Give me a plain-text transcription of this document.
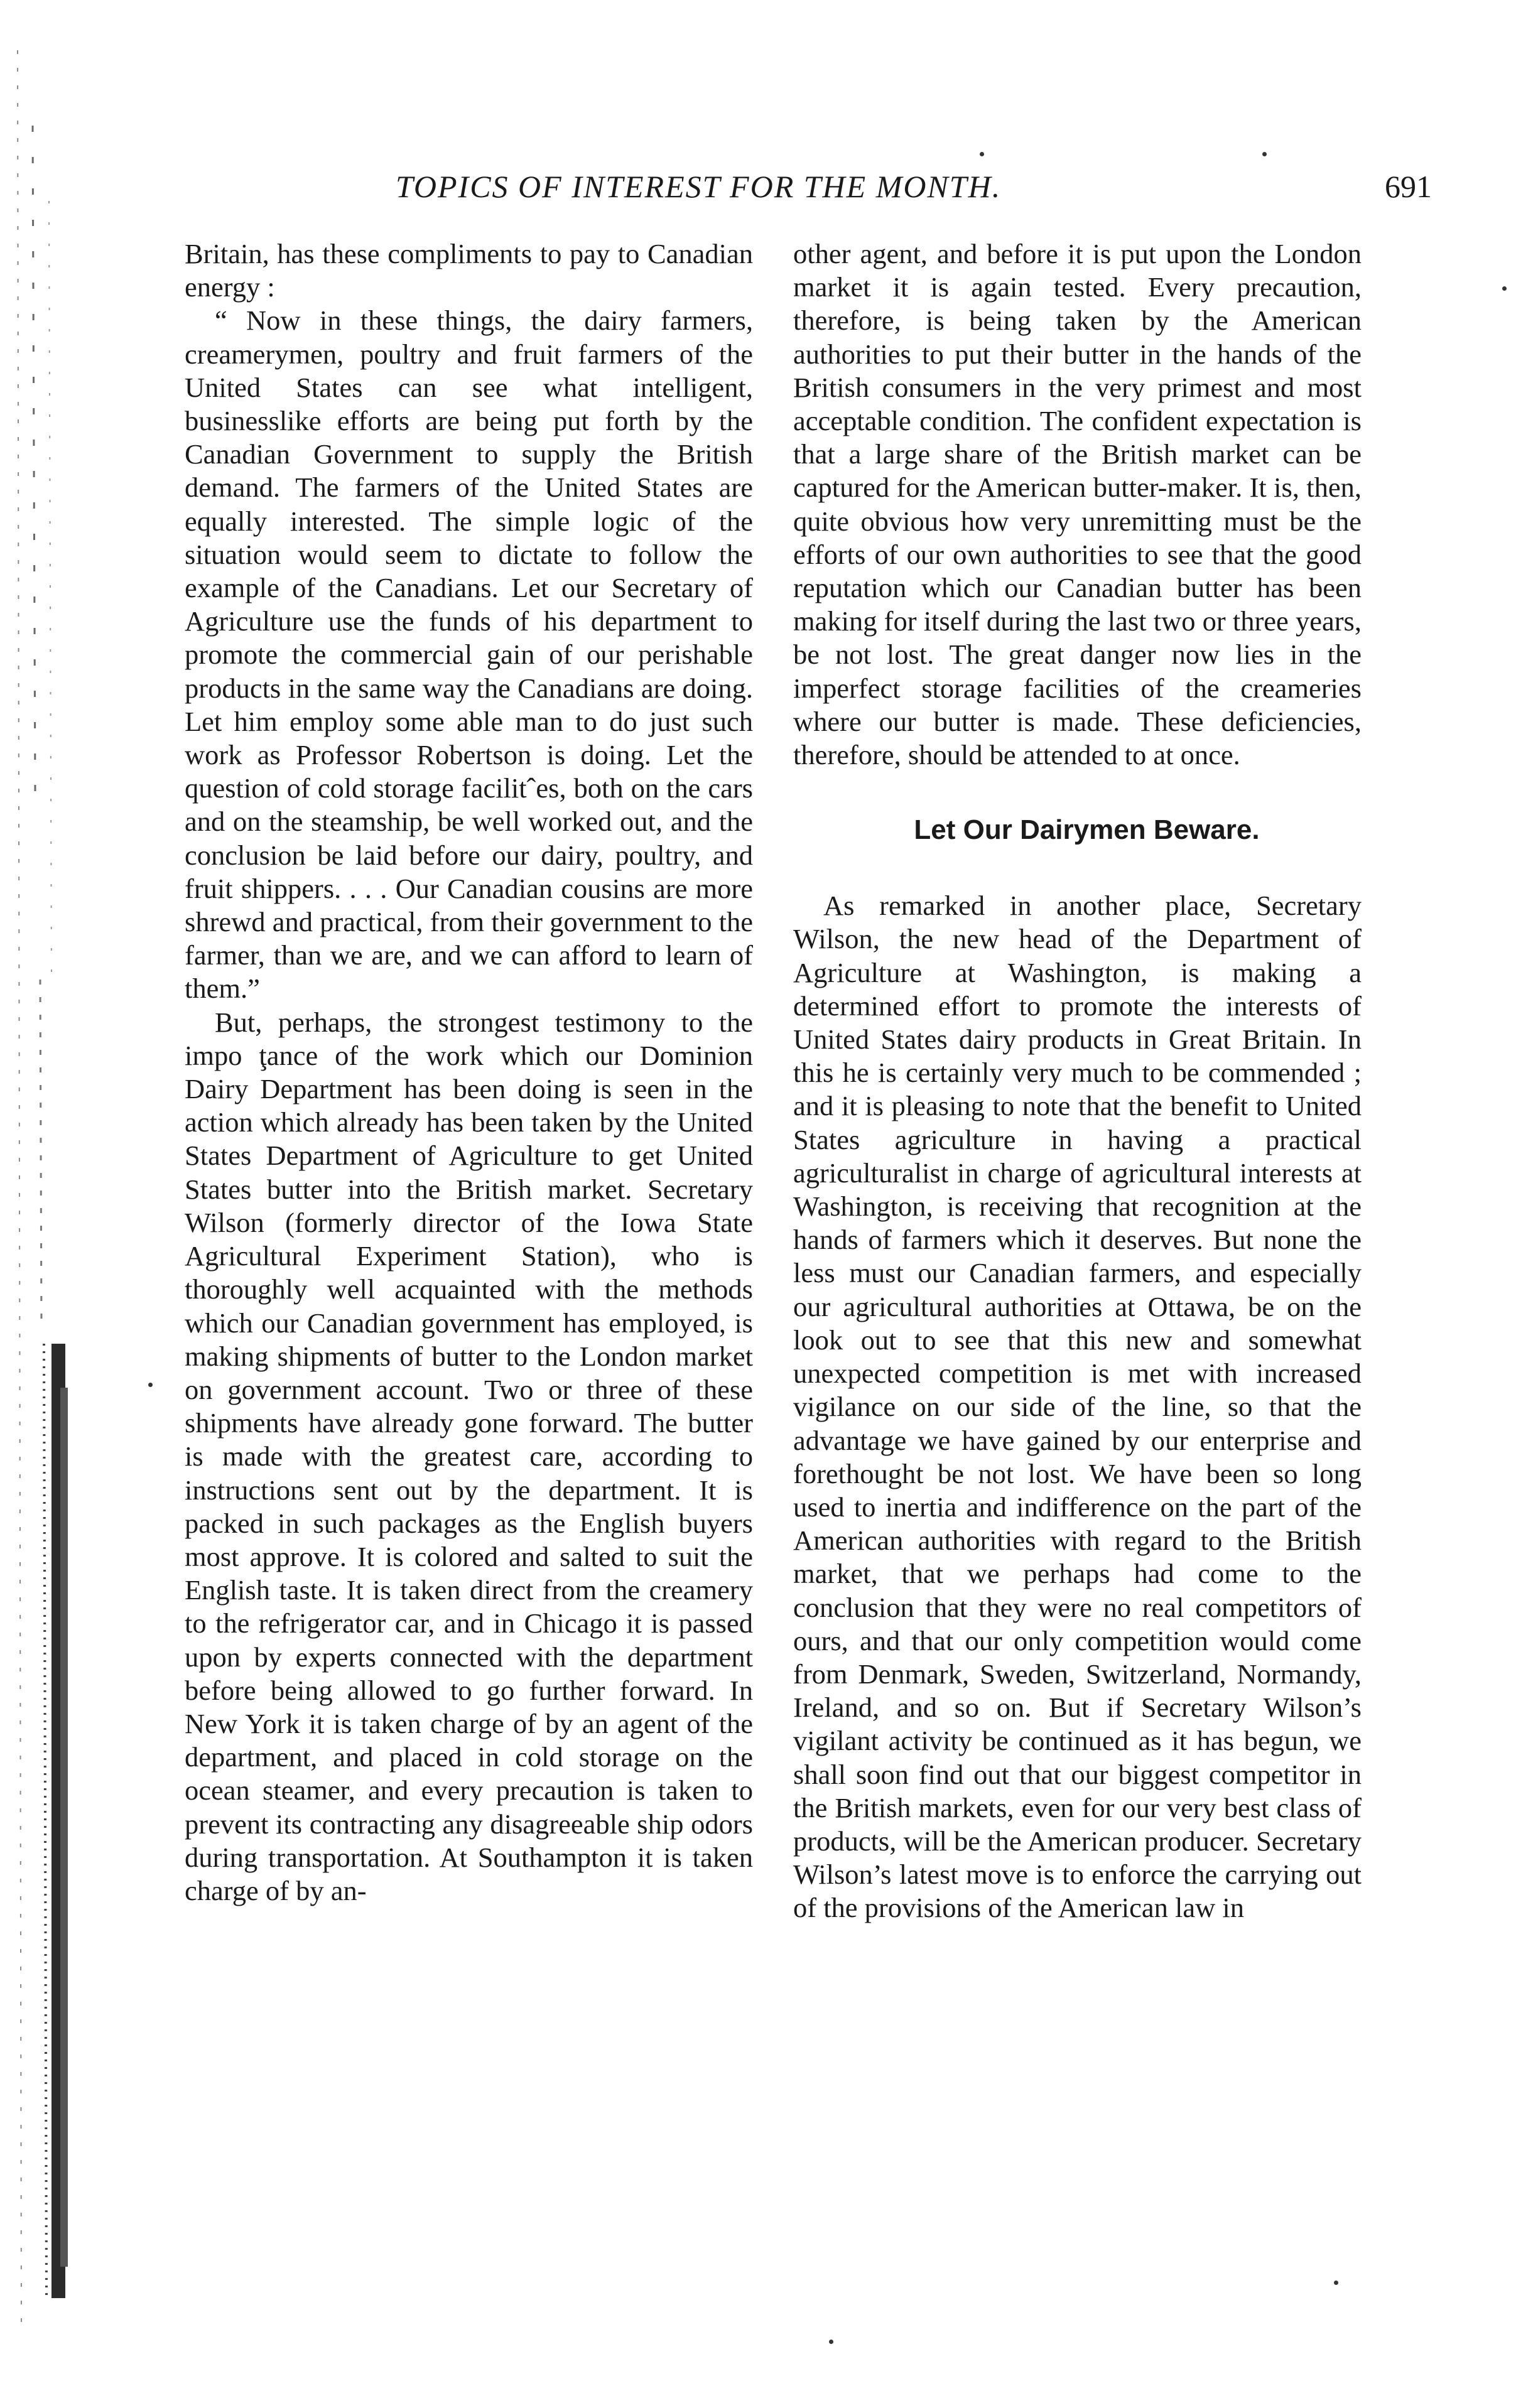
TOPICS OF INTEREST FOR THE MONTH.	691

Britain, has these compliments to pay to Canadian energy :

“ Now in these things, the dairy farmers, creamerymen, poultry and fruit farmers of the United States can see what intelligent, businesslike efforts are being put forth by the Canadian Government to supply the British demand. The farmers of the United States are equally interested. The simple logic of the situation would seem to dictate to follow the example of the Canadians. Let our Secretary of Agriculture use the funds of his department to promote the commercial gain of our perishable products in the same way the Canadians are doing. Let him employ some able man to do just such work as Professor Robertson is doing. Let the question of cold storage facilitˆes, both on the cars and on the steamship, be well worked out, and the conclusion be laid before our dairy, poultry, and fruit shippers. . . . Our Canadian cousins are more shrewd and practical, from their government to the farmer, than we are, and we can afford to learn of them.”

But, perhaps, the strongest testimony to the impo ţance of the work which our Dominion Dairy Department has been doing is seen in the action which already has been taken by the United States Department of Agriculture to get United States butter into the British market. Secretary Wilson (formerly director of the Iowa State Agricultural Experiment Station), who is thoroughly well acquainted with the methods which our Canadian government has employed, is making shipments of butter to the London market on government account. Two or three of these shipments have already gone forward. The butter is made with the greatest care, according to instructions sent out by the department. It is packed in such packages as the English buyers most approve. It is colored and salted to suit the English taste. It is taken direct from the creamery to the refrigerator car, and in Chicago it is passed upon by experts connected with the department before being allowed to go further forward. In New York it is taken charge of by an agent of the department, and placed in cold storage on the ocean steamer, and every precaution is taken to prevent its contracting any disagreeable ship odors during transportation. At Southampton it is taken charge of by an-

other agent, and before it is put upon the London market it is again tested. Every precaution, therefore, is being taken by the American authorities to put their butter in the hands of the British consumers in the very primest and most acceptable condition. The confident expectation is that a large share of the British market can be captured for the American butter-maker. It is, then, quite obvious how very unremitting must be the efforts of our own authorities to see that the good reputation which our Canadian butter has been making for itself during the last two or three years, be not lost. The great danger now lies in the imperfect storage facilities of the creameries where our butter is made. These deficiencies, therefore, should be attended to at once.

Let Our Dairymen Beware.

As remarked in another place, Secretary Wilson, the new head of the Department of Agriculture at Washington, is making a determined effort to promote the interests of United States dairy products in Great Britain. In this he is certainly very much to be commended ; and it is pleasing to note that the benefit to United States agriculture in having a practical agriculturalist in charge of agricultural interests at Washington, is receiving that recognition at the hands of farmers which it deserves. But none the less must our Canadian farmers, and especially our agricultural authorities at Ottawa, be on the look out to see that this new and somewhat unexpected competition is met with increased vigilance on our side of the line, so that the advantage we have gained by our enterprise and forethought be not lost. We have been so long used to inertia and indifference on the part of the American authorities with regard to the British market, that we perhaps had come to the conclusion that they were no real competitors of ours, and that our only competition would come from Denmark, Sweden, Switzerland, Normandy, Ireland, and so on. But if Secretary Wilson’s vigilant activity be continued as it has begun, we shall soon find out that our biggest competitor in the British markets, even for our very best class of products, will be the American producer. Secretary Wilson’s latest move is to enforce the carrying out of the provisions of the American law in
